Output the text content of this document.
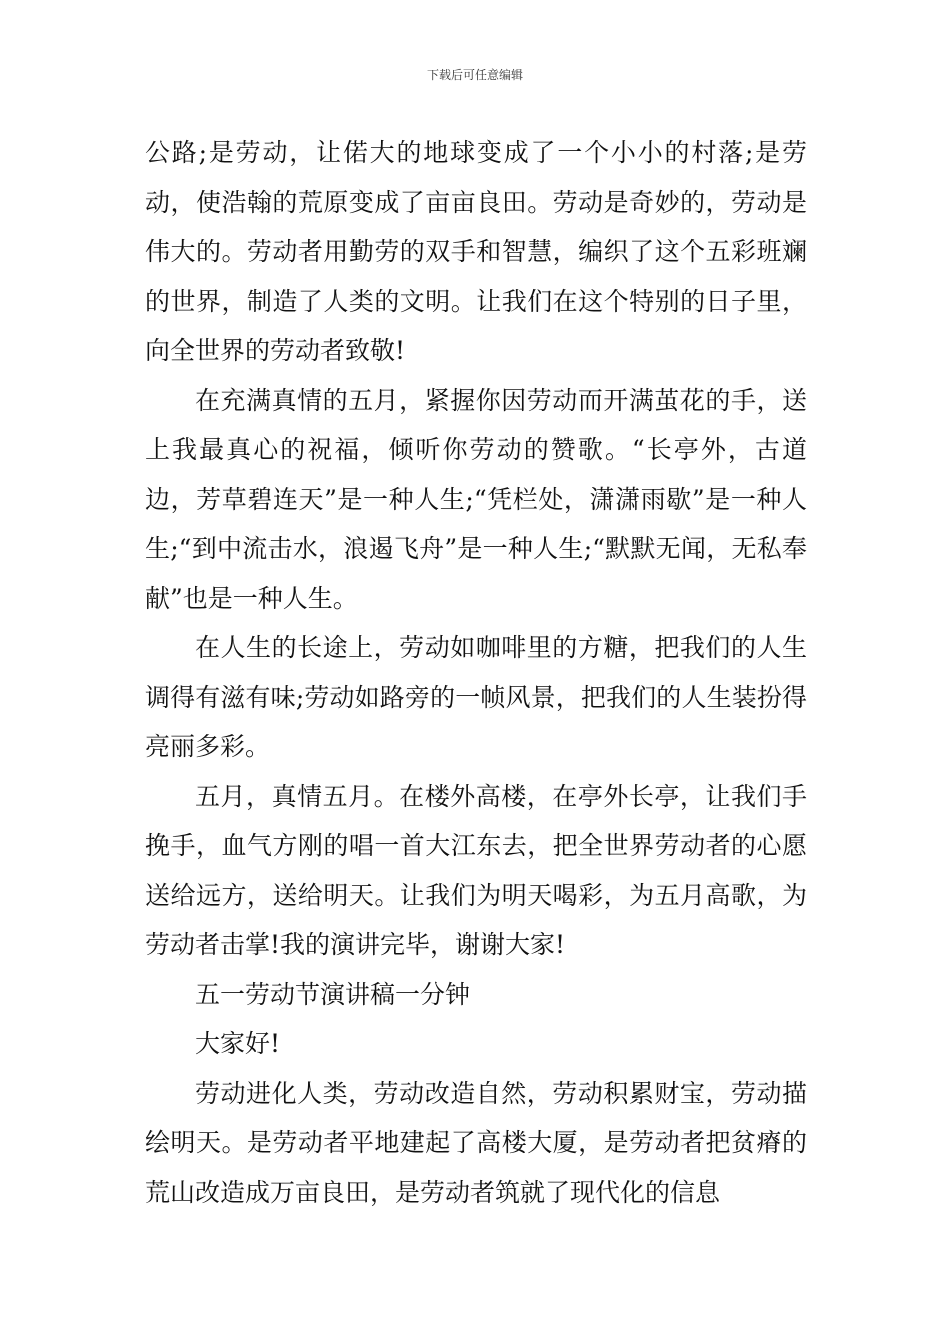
下载后可任意编辑

公路;是劳动，让偌大的地球变成了一个小小的村落;是劳动，使浩翰的荒原变成了亩亩良田。劳动是奇妙的，劳动是伟大的。劳动者用勤劳的双手和智慧，编织了这个五彩班斓的世界，制造了人类的文明。让我们在这个特别的日子里，向全世界的劳动者致敬!

在充满真情的五月，紧握你因劳动而开满茧花的手，送上我最真心的祝福，倾听你劳动的赞歌。“长亭外，古道边，芳草碧连天”是一种人生;“凭栏处，潇潇雨歇”是一种人生;“到中流击水，浪遏飞舟”是一种人生;“默默无闻，无私奉献”也是一种人生。

在人生的长途上，劳动如咖啡里的方糖，把我们的人生调得有滋有味;劳动如路旁的一帧风景，把我们的人生装扮得亮丽多彩。

五月，真情五月。在楼外高楼，在亭外长亭，让我们手挽手，血气方刚的唱一首大江东去，把全世界劳动者的心愿送给远方，送给明天。让我们为明天喝彩，为五月高歌，为劳动者击掌!我的演讲完毕，谢谢大家!

五一劳动节演讲稿一分钟

大家好!

劳动进化人类，劳动改造自然，劳动积累财宝，劳动描绘明天。是劳动者平地建起了高楼大厦，是劳动者把贫瘠的荒山改造成万亩良田，是劳动者筑就了现代化的信息
